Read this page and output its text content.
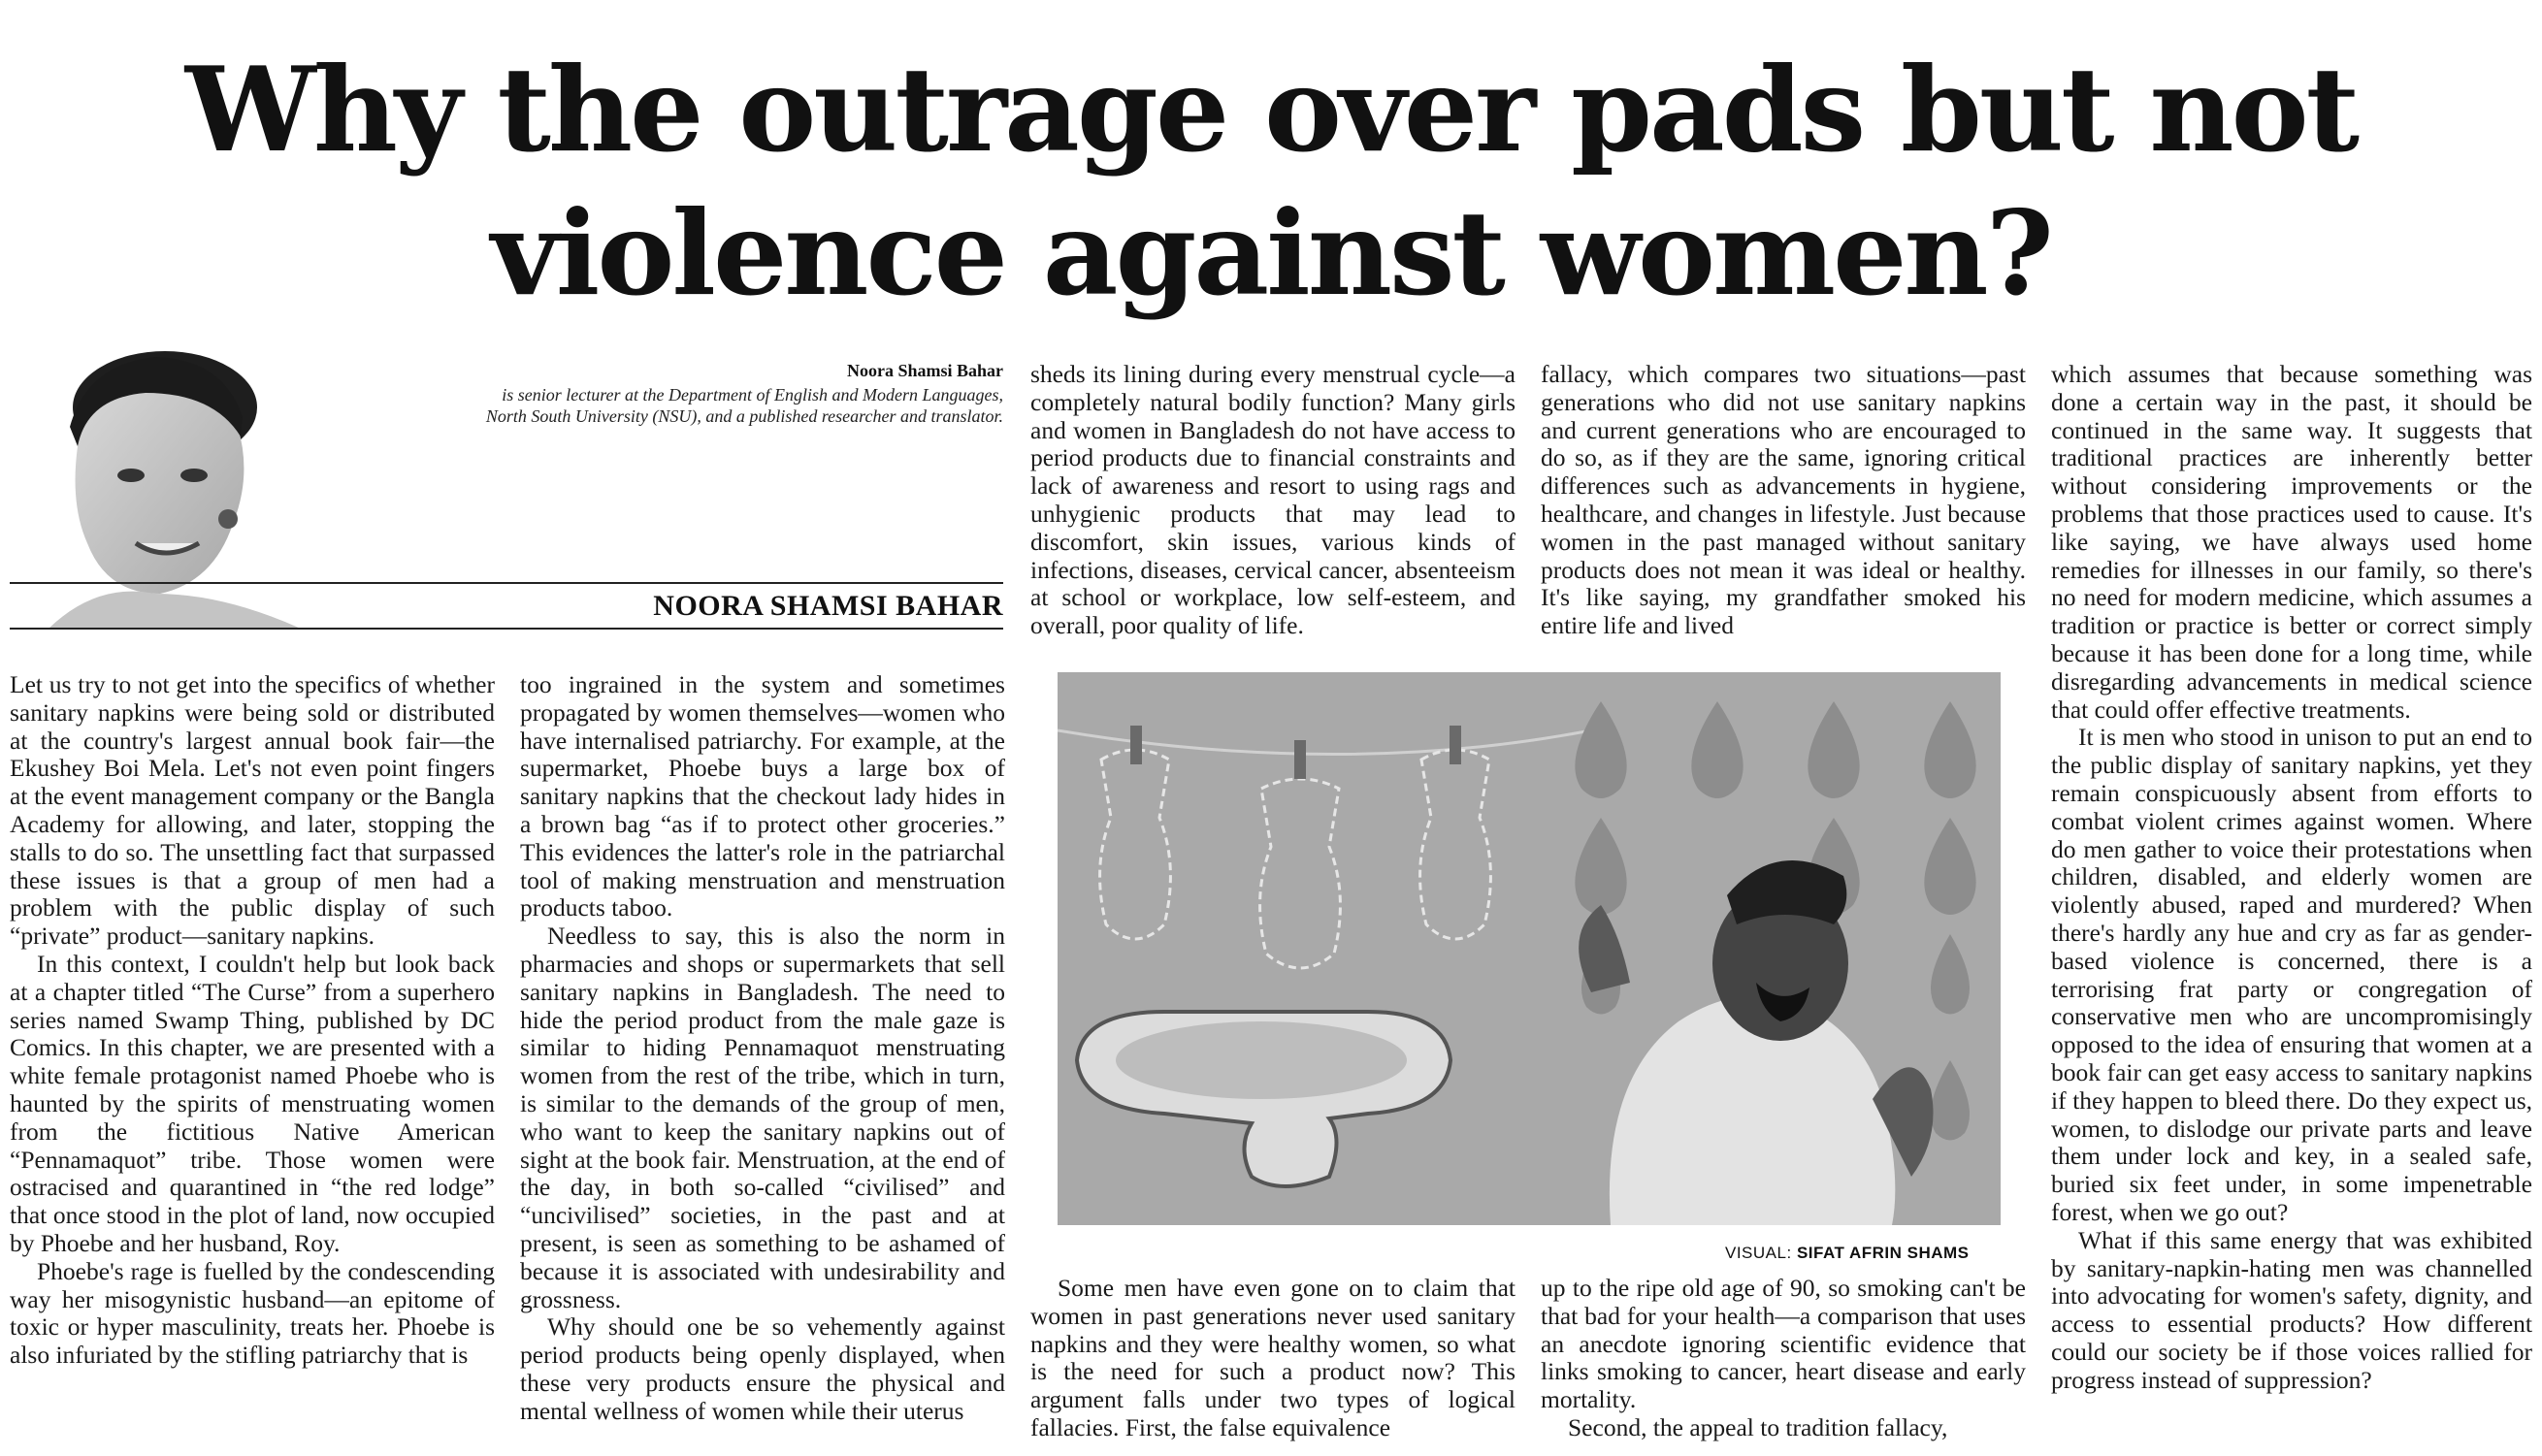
Why the outrage over pads but not violence against women?
Noora Shamsi Bahar
is senior lecturer at the Department of English and Modern Languages, North South University (NSU), and a published researcher and translator.
NOORA SHAMSI BAHAR

Let us try to not get into the specifics of whether sanitary napkins were being sold or distributed at the country's largest annual book fair—the Ekushey Boi Mela. Let's not even point fingers at the event management company or the Bangla Academy for allowing, and later, stopping the stalls to do so. The unsettling fact that surpassed these issues is that a group of men had a problem with the public display of such “private” product—sanitary napkins.

In this context, I couldn't help but look back at a chapter titled “The Curse” from a superhero series named Swamp Thing, published by DC Comics. In this chapter, we are presented with a white female protagonist named Phoebe who is haunted by the spirits of menstruating women from the fictitious Native American “Pennamaquot” tribe. Those women were ostracised and quarantined in “the red lodge” that once stood in the plot of land, now occupied by Phoebe and her husband, Roy.

Phoebe's rage is fuelled by the condescending way her misogynistic husband—an epitome of toxic or hyper masculinity, treats her. Phoebe is also infuriated by the stifling patriarchy that is

too ingrained in the system and sometimes propagated by women themselves—women who have internalised patriarchy. For example, at the supermarket, Phoebe buys a large box of sanitary napkins that the checkout lady hides in a brown bag “as if to protect other groceries.” This evidences the latter's role in the patriarchal tool of making menstruation and menstruation products taboo.

Needless to say, this is also the norm in pharmacies and shops or supermarkets that sell sanitary napkins in Bangladesh. The need to hide the period product from the male gaze is similar to hiding Pennamaquot menstruating women from the rest of the tribe, which in turn, is similar to the demands of the group of men, who want to keep the sanitary napkins out of sight at the book fair. Menstruation, at the end of the day, in both so-called “civilised” and “uncivilised” societies, in the past and at present, is seen as something to be ashamed of because it is associated with undesirability and grossness.

Why should one be so vehemently against period products being openly displayed, when these very products ensure the physical and mental wellness of women while their uterus

sheds its lining during every menstrual cycle—a completely natural bodily function? Many girls and women in Bangladesh do not have access to period products due to financial constraints and lack of awareness and resort to using rags and unhygienic products that may lead to discomfort, skin issues, various kinds of infections, diseases, cervical cancer, absenteeism at school or workplace, low self-esteem, and overall, poor quality of life.

fallacy, which compares two situations—past generations who did not use sanitary napkins and current generations who are encouraged to do so, as if they are the same, ignoring critical differences such as advancements in hygiene, healthcare, and changes in lifestyle. Just because women in the past managed without sanitary products does not mean it was ideal or healthy. It's like saying, my grandfather smoked his entire life and lived

VISUAL: SIFAT AFRIN SHAMS

Some men have even gone on to claim that women in past generations never used sanitary napkins and they were healthy women, so what is the need for such a product now? This argument falls under two types of logical fallacies. First, the false equivalence

up to the ripe old age of 90, so smoking can't be that bad for your health—a comparison that uses an anecdote ignoring scientific evidence that links smoking to cancer, heart disease and early mortality.

Second, the appeal to tradition fallacy,

which assumes that because something was done a certain way in the past, it should be continued in the same way. It suggests that traditional practices are inherently better without considering improvements or the problems that those practices used to cause. It's like saying, we have always used home remedies for illnesses in our family, so there's no need for modern medicine, which assumes a tradition or practice is better or correct simply because it has been done for a long time, while disregarding advancements in medical science that could offer effective treatments.

It is men who stood in unison to put an end to the public display of sanitary napkins, yet they remain conspicuously absent from efforts to combat violent crimes against women. Where do men gather to voice their protestations when children, disabled, and elderly women are violently abused, raped and murdered? When there's hardly any hue and cry as far as gender-based violence is concerned, there is a terrorising frat party or congregation of conservative men who are uncompromisingly opposed to the idea of ensuring that women at a book fair can get easy access to sanitary napkins if they happen to bleed there. Do they expect us, women, to dislodge our private parts and leave them under lock and key, in a sealed safe, buried six feet under, in some impenetrable forest, when we go out?

What if this same energy that was exhibited by sanitary-napkin-hating men was channelled into advocating for women's safety, dignity, and access to essential products? How different could our society be if those voices rallied for progress instead of suppression?
